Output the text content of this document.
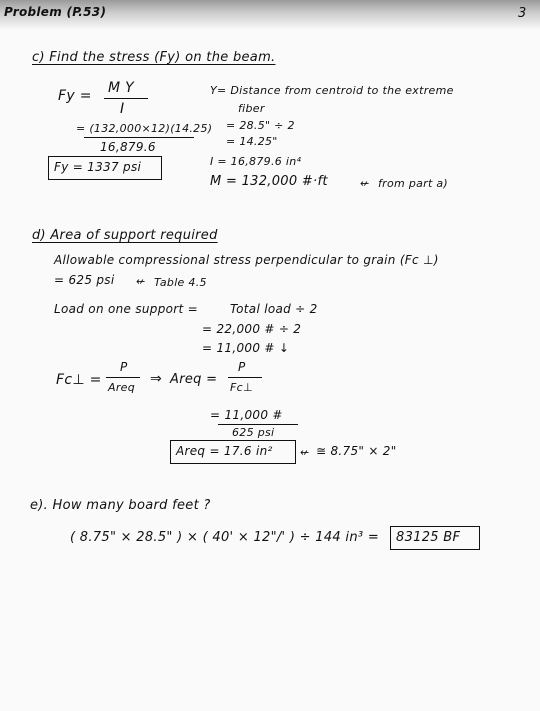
Problem (P.53)	3
c) Find the stress (Fy) on the beam.
Fy = M Y
I
= (132,000×12)(14.25)
16,879.6
Fy = 1337 psi
Y= Distance from centroid to the extreme
fiber
= 28.5" ÷ 2
= 14.25"
I = 16,879.6 in⁴
M = 132,000 #·ft	↚ from part a)
d) Area of support required
Allowable compressional stress perpendicular to grain (Fc ⊥)
= 625 psi ↚ Table 4.5
Load on one support =	Total load ÷ 2
= 22,000 # ÷ 2
= 11,000 # ↓
Fc⊥ =
P
Areq
⇒ Areq =
P
Fc⊥
= 11,000 #
625 psi
Areq = 17.6 in² ↚ ≅ 8.75" × 2"
e). How many board feet ?
( 8.75" × 28.5" ) × ( 40' × 12"/' ) ÷ 144 in³ = 83125 BF
